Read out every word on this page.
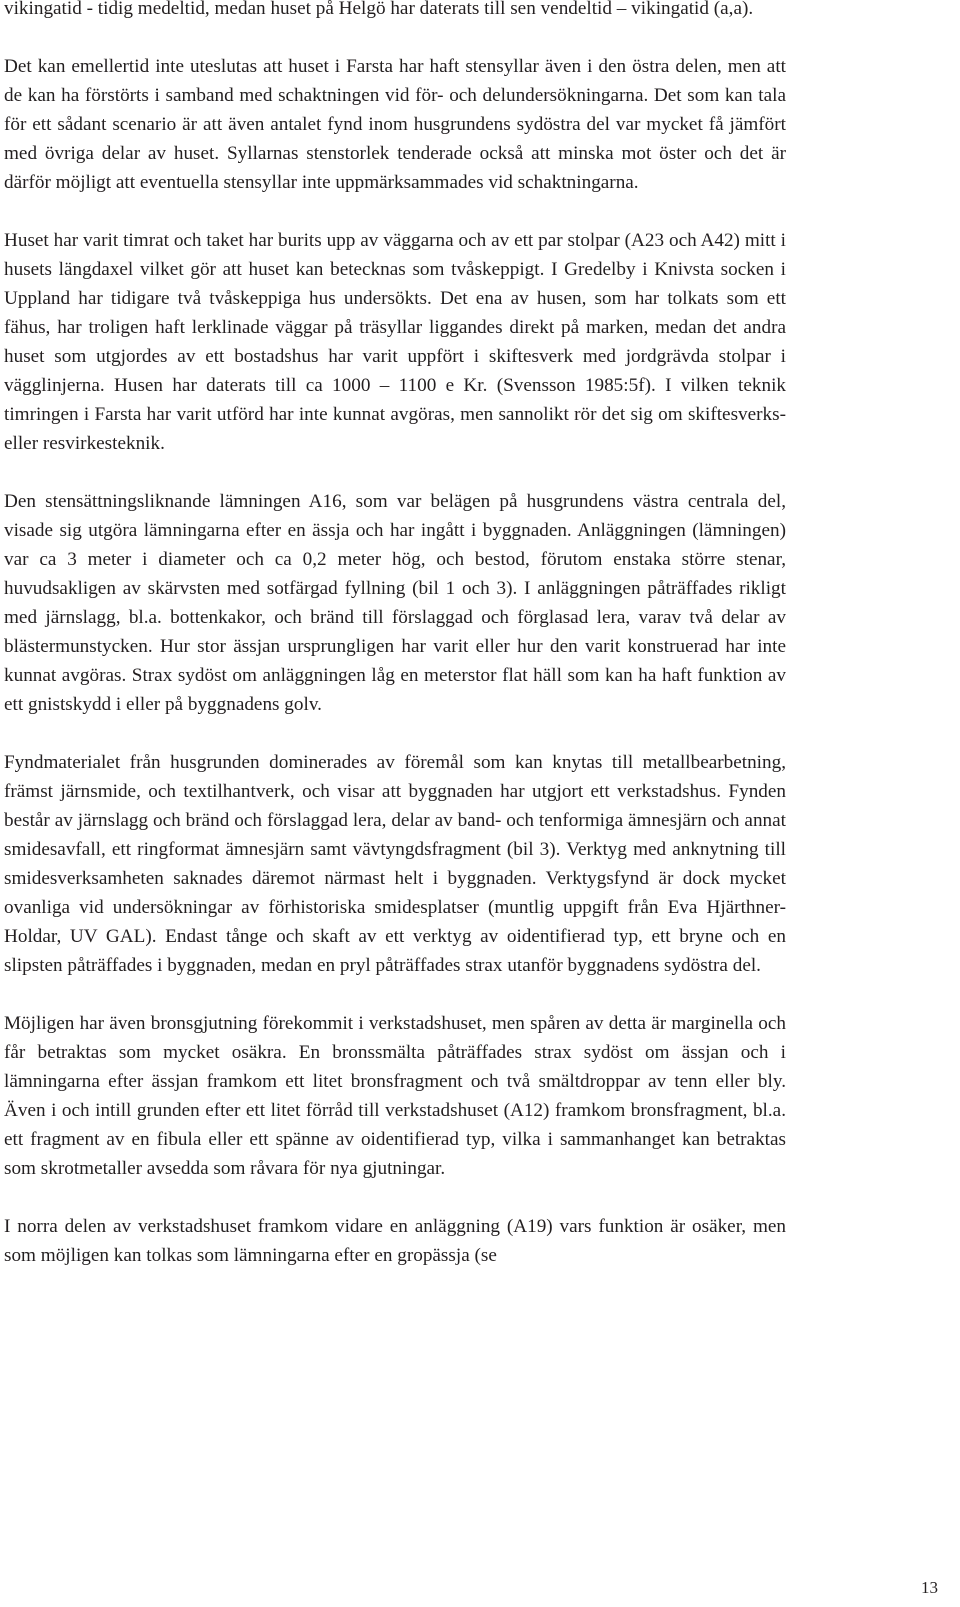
vikingatid - tidig medeltid, medan huset på Helgö har daterats till sen vendeltid – vikingatid (a,a).

Det kan emellertid inte uteslutas att huset i Farsta har haft stensyllar även i den östra delen, men att de kan ha förstörts i samband med schaktningen vid för- och delundersökningarna. Det som kan tala för ett sådant scenario är att även antalet fynd inom husgrundens sydöstra del var mycket få jämfört med övriga delar av huset. Syllarnas stenstorlek tenderade också att minska mot öster och det är därför möjligt att eventuella stensyllar inte uppmärksammades vid schaktningarna.

Huset har varit timrat och taket har burits upp av väggarna och av ett par stolpar (A23 och A42) mitt i husets längdaxel vilket gör att huset kan betecknas som tvåskeppigt. I Gredelby i Knivsta socken i Uppland har tidigare två tvåskeppiga hus undersökts. Det ena av husen, som har tolkats som ett fähus, har troligen haft lerklinade väggar på träsyllar liggandes direkt på marken, medan det andra huset som utgjordes av ett bostadshus har varit uppfört i skiftesverk med jordgrävda stolpar i vägglinjerna. Husen har daterats till ca 1000 – 1100 e Kr. (Svensson 1985:5f). I vilken teknik timringen i Farsta har varit utförd har inte kunnat avgöras, men sannolikt rör det sig om skiftesverks- eller resvirkesteknik.

Den stensättningsliknande lämningen A16, som var belägen på husgrundens västra centrala del, visade sig utgöra lämningarna efter en ässja och har ingått i byggnaden. Anläggningen (lämningen) var ca 3 meter i diameter och ca 0,2 meter hög, och bestod, förutom enstaka större stenar, huvudsakligen av skärvsten med sotfärgad fyllning (bil 1 och 3). I anläggningen påträffades rikligt med järnslagg, bl.a. bottenkakor, och bränd till förslaggad och förglasad lera, varav två delar av blästermunstycken. Hur stor ässjan ursprungligen har varit eller hur den varit konstruerad har inte kunnat avgöras. Strax sydöst om anläggningen låg en meterstor flat häll som kan ha haft funktion av ett gnistskydd i eller på byggnadens golv.

Fyndmaterialet från husgrunden dominerades av föremål som kan knytas till metallbearbetning, främst järnsmide, och textilhantverk, och visar att byggnaden har utgjort ett verkstadshus. Fynden består av järnslagg och bränd och förslaggad lera, delar av band- och tenformiga ämnesjärn och annat smidesavfall, ett ringformat ämnesjärn samt vävtyngdsfragment (bil 3). Verktyg med anknytning till smidesverksamheten saknades däremot närmast helt i byggnaden. Verktygsfynd är dock mycket ovanliga vid undersökningar av förhistoriska smidesplatser (muntlig uppgift från Eva Hjärthner-Holdar, UV GAL). Endast tånge och skaft av ett verktyg av oidentifierad typ, ett bryne och en slipsten påträffades i byggnaden, medan en pryl påträffades strax utanför byggnadens sydöstra del.

Möjligen har även bronsgjutning förekommit i verkstadshuset, men spåren av detta är marginella och får betraktas som mycket osäkra. En bronssmälta påträffades strax sydöst om ässjan och i lämningarna efter ässjan framkom ett litet bronsfragment och två smältdroppar av tenn eller bly. Även i och intill grunden efter ett litet förråd till verkstadshuset (A12) framkom bronsfragment, bl.a. ett fragment av en fibula eller ett spänne av oidentifierad typ, vilka i sammanhanget kan betraktas som skrotmetaller avsedda som råvara för nya gjutningar.

I norra delen av verkstadshuset framkom vidare en anläggning (A19) vars funktion är osäker, men som möjligen kan tolkas som lämningarna efter en gropässja (se

13
